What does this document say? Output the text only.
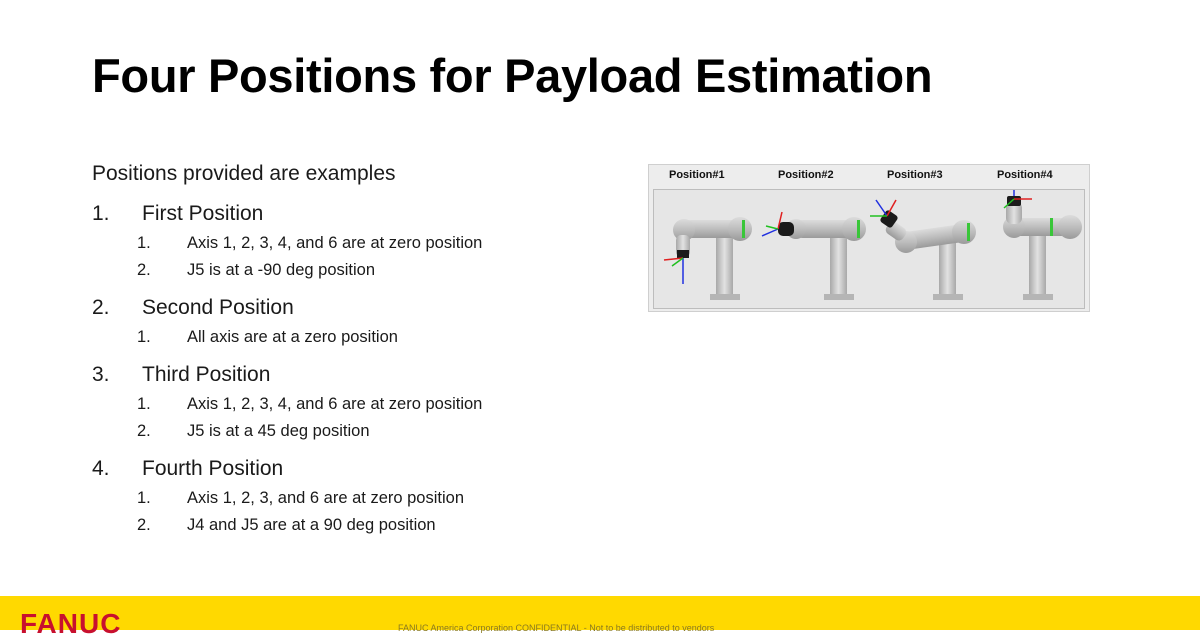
Four Positions for Payload Estimation
Positions provided are examples
1. First Position
1. Axis 1, 2, 3, 4, and 6 are at zero position
2. J5 is at a -90 deg position
2. Second Position
1. All axis are at a zero position
3. Third Position
1. Axis 1, 2, 3, 4, and 6 are at zero position
2. J5 is at a 45 deg position
4. Fourth Position
1. Axis 1, 2, 3, and 6 are at zero position
2. J4 and J5 are at a 90 deg position
Position#1	Position#2	Position#3	Position#4
FANUC	FANUC America Corporation CONFIDENTIAL - Not to be distributed to vendors
